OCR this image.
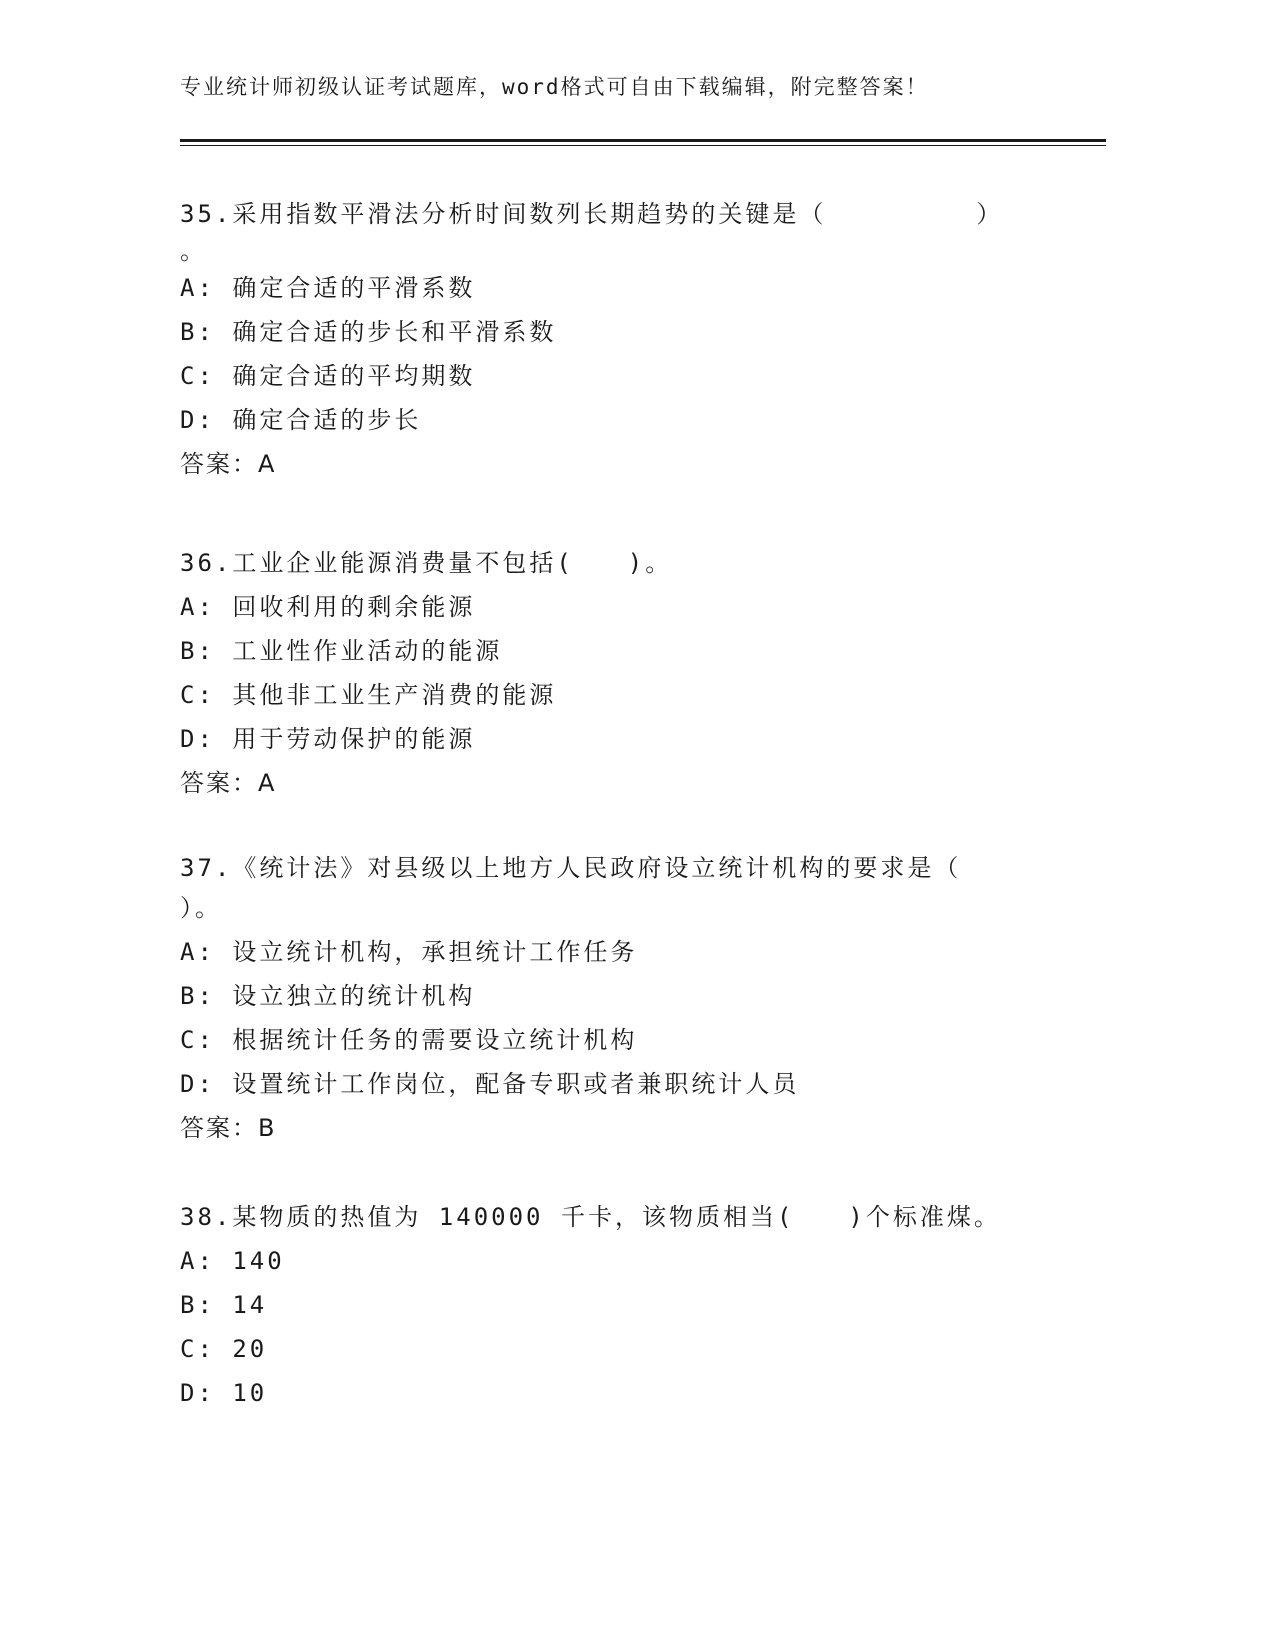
专业统计师初级认证考试题库，word格式可自由下载编辑，附完整答案！
35.采用指数平滑法分析时间数列长期趋势的关键是（	）
。
A: 确定合适的平滑系数
B: 确定合适的步长和平滑系数
C: 确定合适的平均期数
D: 确定合适的步长
答案：A
36.工业企业能源消费量不包括(　　)。
A: 回收利用的剩余能源
B: 工业性作业活动的能源
C: 其他非工业生产消费的能源
D: 用于劳动保护的能源
答案：A
37.《统计法》对县级以上地方人民政府设立统计机构的要求是（
）。
A: 设立统计机构，承担统计工作任务
B: 设立独立的统计机构
C: 根据统计任务的需要设立统计机构
D: 设置统计工作岗位，配备专职或者兼职统计人员
答案：B
38.某物质的热值为 140000 千卡，该物质相当(　　)个标准煤。
A: 140
B: 14
C: 20
D: 10
